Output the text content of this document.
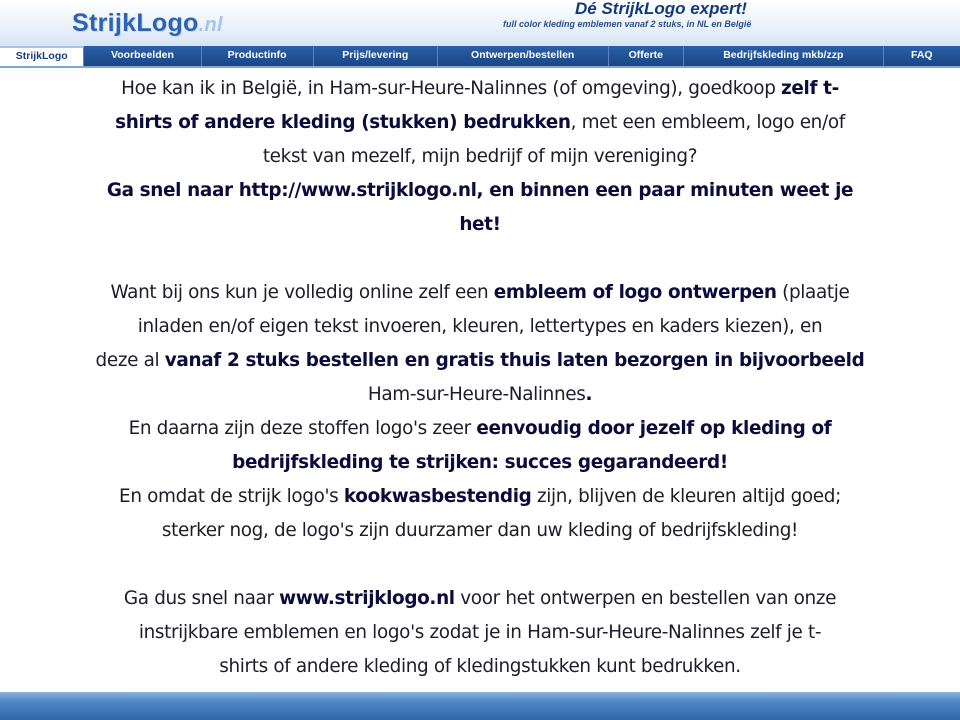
StrijkLogo.nl
Dé StrijkLogo expert!
full color kleding emblemen vanaf 2 stuks, in NL en België
StrijkLogo	Voorbeelden	Productinfo	Prijs/levering	Ontwerpen/bestellen	Offerte	Bedrijfskleding mkb/zzp	FAQ

Hoe kan ik in België, in Ham-sur-Heure-Nalinnes (of omgeving), goedkoop zelf t-
shirts of andere kleding (stukken) bedrukken, met een embleem, logo en/of
tekst van mezelf, mijn bedrijf of mijn vereniging?
Ga snel naar http://www.strijklogo.nl, en binnen een paar minuten weet je
het!

Want bij ons kun je volledig online zelf een embleem of logo ontwerpen (plaatje
inladen en/of eigen tekst invoeren, kleuren, lettertypes en kaders kiezen), en
deze al vanaf 2 stuks bestellen en gratis thuis laten bezorgen in bijvoorbeeld
Ham-sur-Heure-Nalinnes.
En daarna zijn deze stoffen logo's zeer eenvoudig door jezelf op kleding of
bedrijfskleding te strijken: succes gegarandeerd!
En omdat de strijk logo's kookwasbestendig zijn, blijven de kleuren altijd goed;
sterker nog, de logo's zijn duurzamer dan uw kleding of bedrijfskleding!

Ga dus snel naar www.strijklogo.nl voor het ontwerpen en bestellen van onze
instrijkbare emblemen en logo's zodat je in Ham-sur-Heure-Nalinnes zelf je t-
shirts of andere kleding of kledingstukken kunt bedrukken.
